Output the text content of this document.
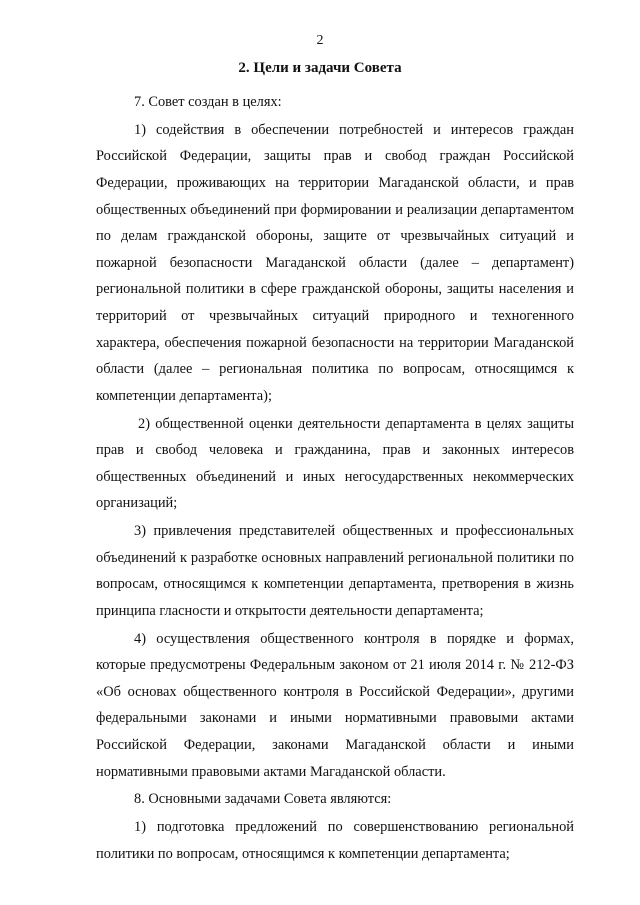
2
2. Цели и задачи Совета

7. Совет создан в целях:

1) содействия в обеспечении потребностей и интересов граждан Российской Федерации, защиты прав и свобод граждан Российской Федерации, проживающих на территории Магаданской области, и прав общественных объединений при формировании и реализации департаментом по делам гражданской обороны, защите от чрезвычайных ситуаций и пожарной безопасности Магаданской области (далее – департамент) региональной политики в сфере гражданской обороны, защиты населения и территорий от чрезвычайных ситуаций природного и техногенного характера, обеспечения пожарной безопасности на территории Магаданской области (далее – региональная политика по вопросам, относящимся к компетенции департамента);

2) общественной оценки деятельности департамента в целях защиты прав и свобод человека и гражданина, прав и законных интересов общественных объединений и иных негосударственных некоммерческих организаций;

3) привлечения представителей общественных и профессиональных объединений к разработке основных направлений региональной политики по вопросам, относящимся к компетенции департамента, претворения в жизнь принципа гласности и открытости деятельности департамента;

4) осуществления общественного контроля в порядке и формах, которые предусмотрены Федеральным законом от 21 июля 2014 г. № 212-ФЗ «Об основах общественного контроля в Российской Федерации», другими федеральными законами и иными нормативными правовыми актами Российской Федерации, законами Магаданской области и иными нормативными правовыми актами Магаданской области.

8. Основными задачами Совета являются:

1) подготовка предложений по совершенствованию региональной политики по вопросам, относящимся к компетенции департамента;
